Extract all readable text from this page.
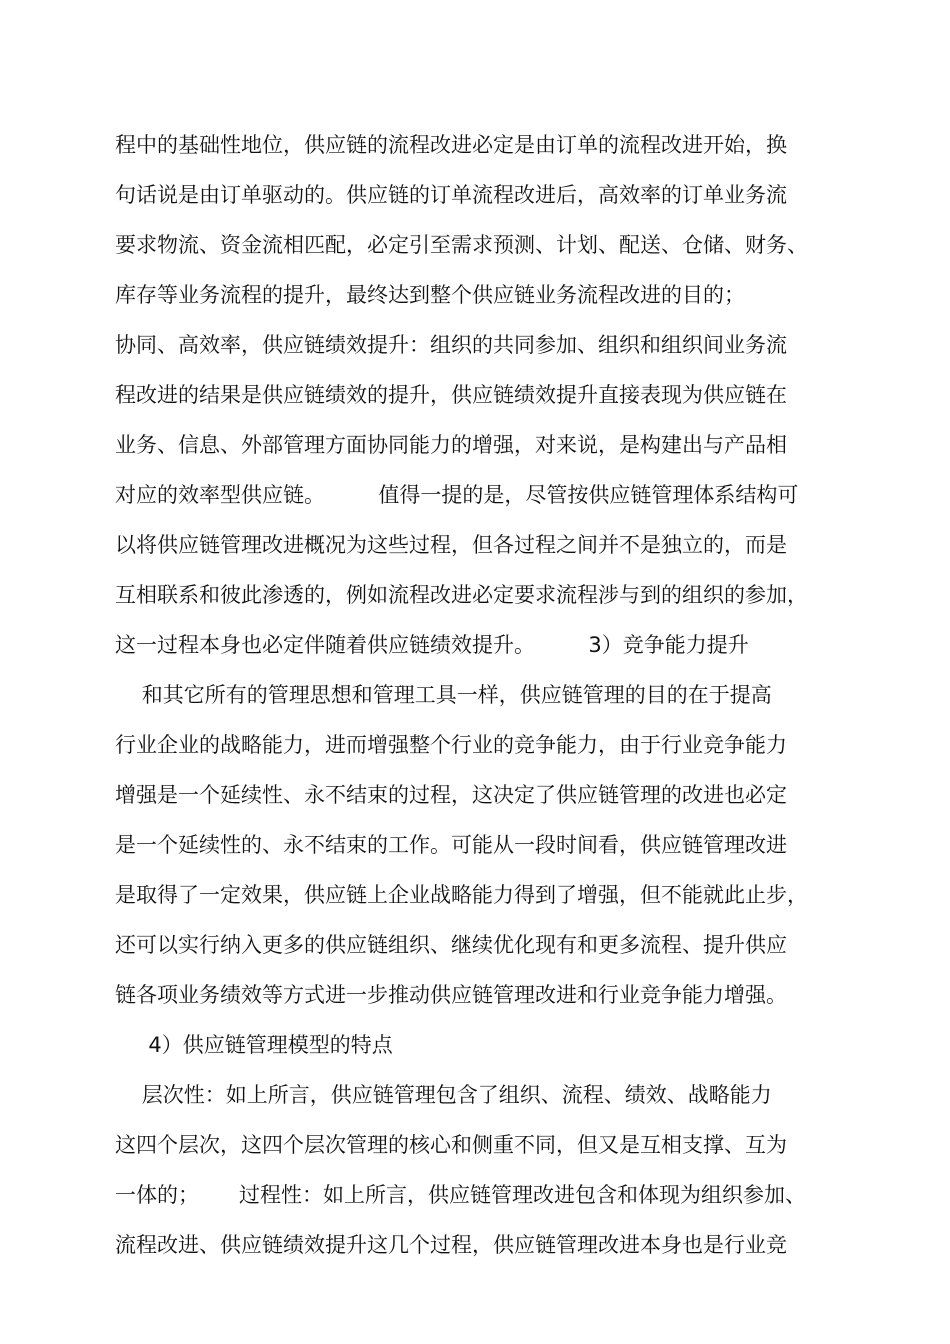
程中的基础性地位，供应链的流程改进必定是由订单的流程改进开始，换

句话说是由订单驱动的。供应链的订单流程改进后，高效率的订单业务流

要求物流、资金流相匹配，必定引至需求预测、计划、配送、仓储、财务、

库存等业务流程的提升，最终达到整个供应链业务流程改进的目的；

协同、高效率，供应链绩效提升：组织的共同参加、组织和组织间业务流

程改进的结果是供应链绩效的提升，供应链绩效提升直接表现为供应链在

业务、信息、外部管理方面协同能力的增强，对来说，是构建出与产品相

对应的效率型供应链。        值得一提的是，尽管按供应链管理体系结构可

以将供应链管理改进概况为这些过程，但各过程之间并不是独立的，而是

互相联系和彼此渗透的，例如流程改进必定要求流程涉与到的组织的参加，

这一过程本身也必定伴随着供应链绩效提升。        3）竞争能力提升

和其它所有的管理思想和管理工具一样，供应链管理的目的在于提高

行业企业的战略能力，进而增强整个行业的竞争能力，由于行业竞争能力

增强是一个延续性、永不结束的过程，这决定了供应链管理的改进也必定

是一个延续性的、永不结束的工作。可能从一段时间看，供应链管理改进

是取得了一定效果，供应链上企业战略能力得到了增强，但不能就此止步，

还可以实行纳入更多的供应链组织、继续优化现有和更多流程、提升供应

链各项业务绩效等方式进一步推动供应链管理改进和行业竞争能力增强。

4）供应链管理模型的特点

层次性：如上所言，供应链管理包含了组织、流程、绩效、战略能力

这四个层次，这四个层次管理的核心和侧重不同，但又是互相支撑、互为

一体的；      过程性：如上所言，供应链管理改进包含和体现为组织参加、

流程改进、供应链绩效提升这几个过程，供应链管理改进本身也是行业竞
